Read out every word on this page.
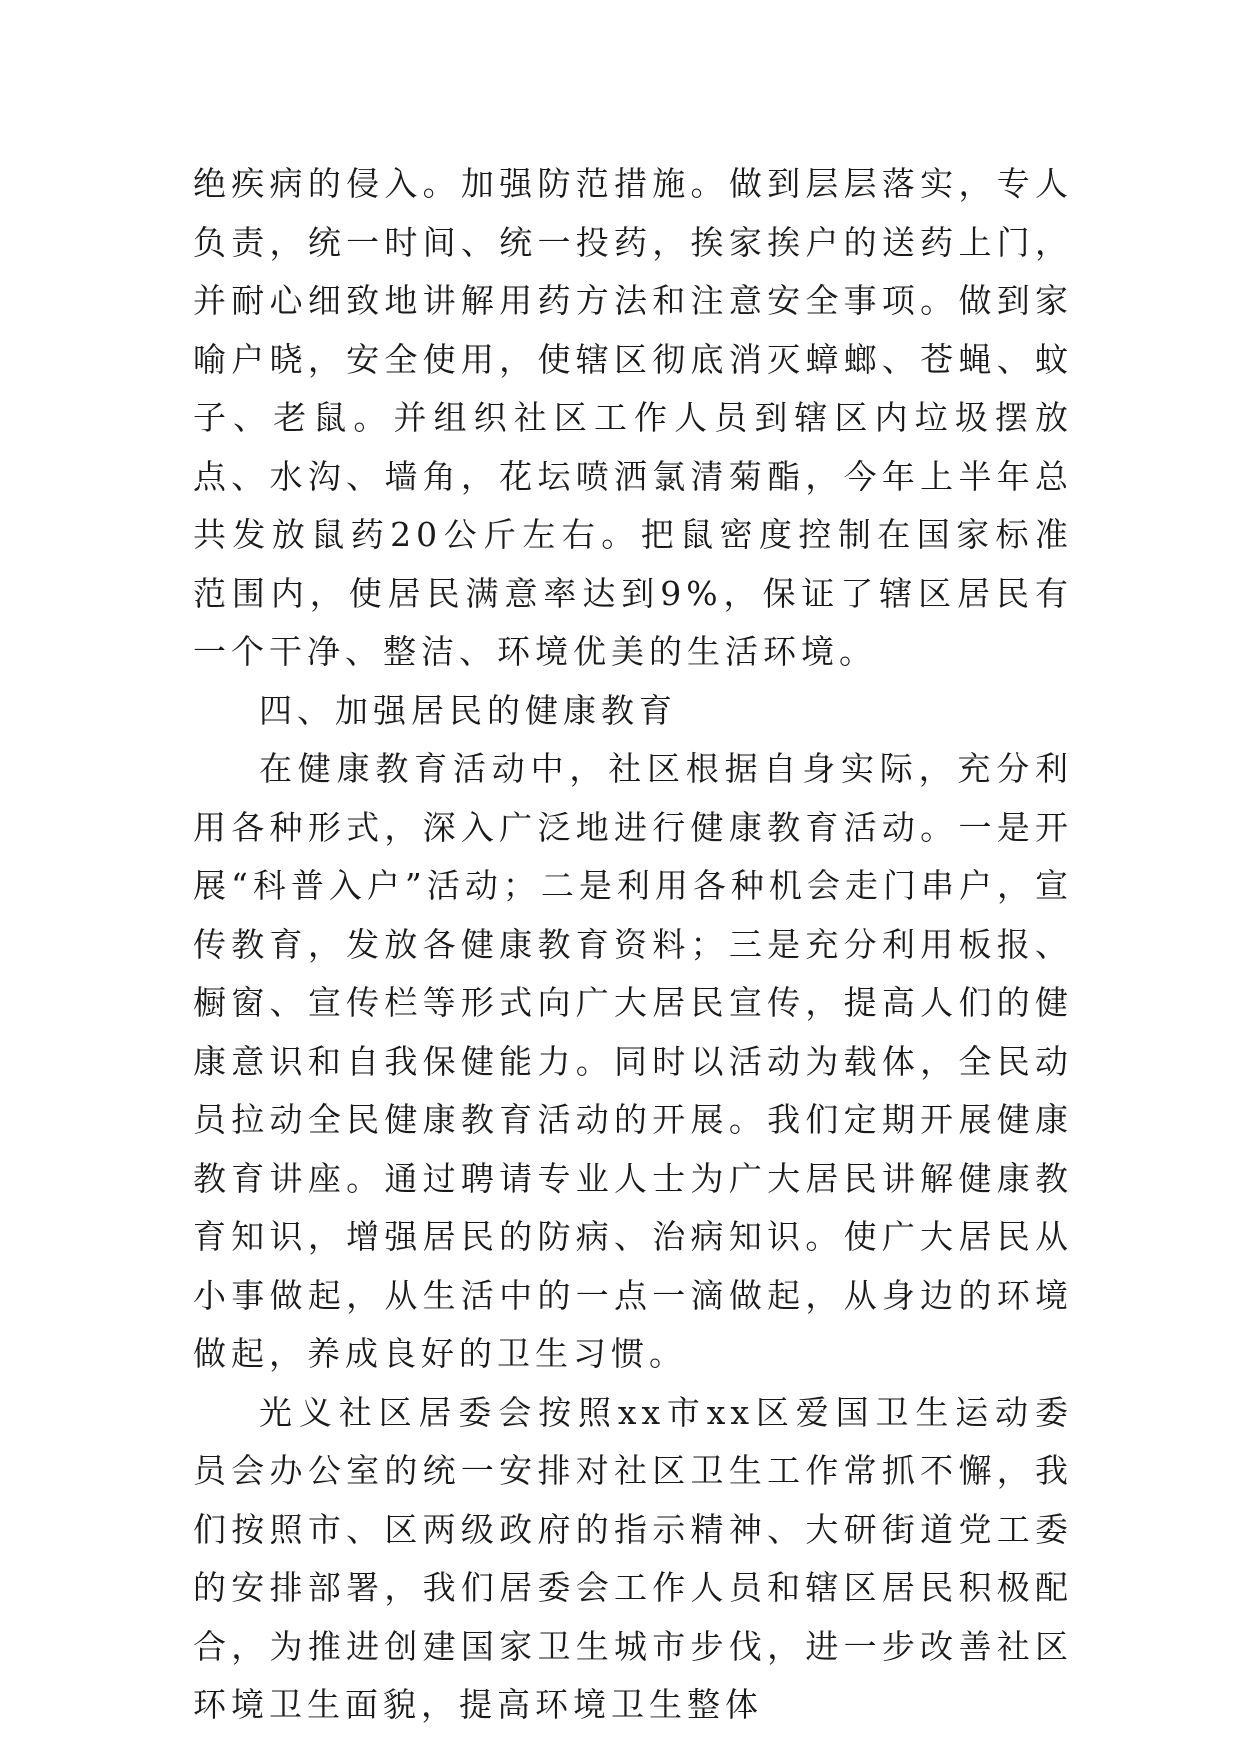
绝疾病的侵入。加强防范措施。做到层层落实，专人负责，统一时间、统一投药，挨家挨户的送药上门，并耐心细致地讲解用药方法和注意安全事项。做到家喻户晓，安全使用，使辖区彻底消灭蟑螂、苍蝇、蚊子、老鼠。并组织社区工作人员到辖区内垃圾摆放点、水沟、墙角，花坛喷洒氯清菊酯，今年上半年总共发放鼠药20公斤左右。把鼠密度控制在国家标准范围内，使居民满意率达到9%，保证了辖区居民有一个干净、整洁、环境优美的生活环境。

四、加强居民的健康教育

在健康教育活动中，社区根据自身实际，充分利用各种形式，深入广泛地进行健康教育活动。一是开展“科普入户”活动；二是利用各种机会走门串户，宣传教育，发放各健康教育资料；三是充分利用板报、橱窗、宣传栏等形式向广大居民宣传，提高人们的健康意识和自我保健能力。同时以活动为载体，全民动员拉动全民健康教育活动的开展。我们定期开展健康教育讲座。通过聘请专业人士为广大居民讲解健康教育知识，增强居民的防病、治病知识。使广大居民从小事做起，从生活中的一点一滴做起，从身边的环境做起，养成良好的卫生习惯。

光义社区居委会按照xx市xx区爱国卫生运动委员会办公室的统一安排对社区卫生工作常抓不懈，我们按照市、区两级政府的指示精神、大研街道党工委的安排部署，我们居委会工作人员和辖区居民积极配合，为推进创建国家卫生城市步伐，进一步改善社区环境卫生面貌，提高环境卫生整体
